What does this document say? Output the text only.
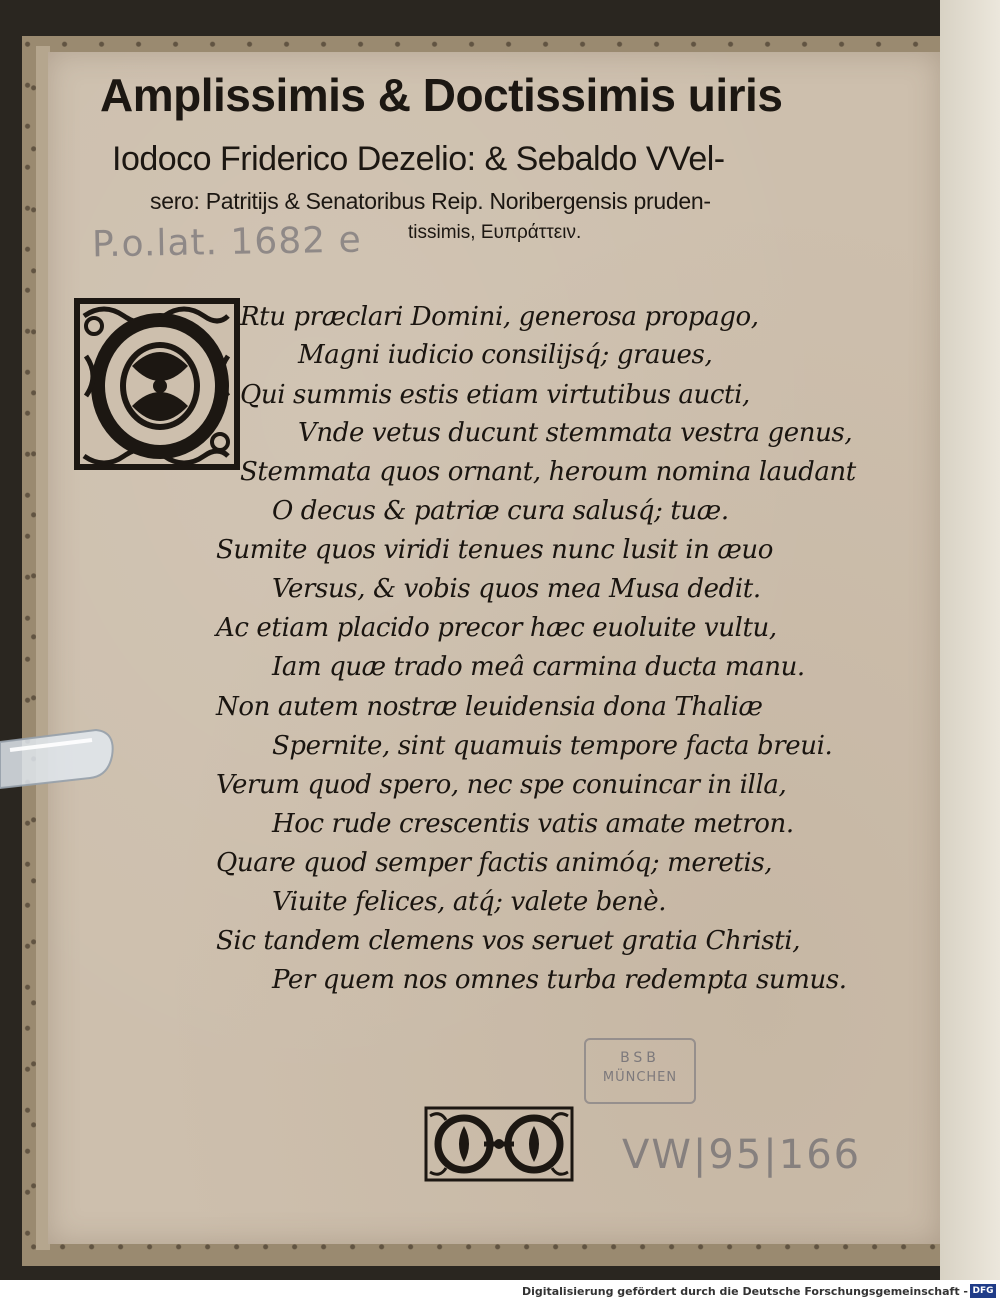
Amplissimis & Doctissimis uiris
Iodoco Friderico Dezelio: & Sebaldo VVel-
sero: Patritijs & Senatoribus Reip. Noribergensis pruden-
P.o.lat. 1682 e tissimis, Ευπράττειν.
Rtu præclari Domini, generosa propago,
Magni iudicio consilijsq́; graues,
Qui summis estis etiam virtutibus aucti,
Vnde vetus ducunt stemmata vestra genus,
Stemmata quos ornant, heroum nomina laudant
O decus & patriæ cura salusq́; tuæ.
Sumite quos viridi tenues nunc lusit in æuo
Versus, & vobis quos mea Musa dedit.
Ac etiam placido precor hæc euoluite vultu,
Iam quæ trado meâ carmina ducta manu.
Non autem nostræ leuidensia dona Thaliæ
Spernite, sint quamuis tempore facta breui.
Verum quod spero, nec spe conuincar in illa,
Hoc rude crescentis vatis amate metron.
Quare quod semper factis animóq; meretis,
Viuite felices, atq́; valete benè.
Sic tandem clemens vos seruet gratia Christi,
Per quem nos omnes turba redempta sumus.
BSB
MÜNCHEN
VW|95|166
Digitalisierung gefördert durch die Deutsche Forschungsgemeinschaft - DFG
